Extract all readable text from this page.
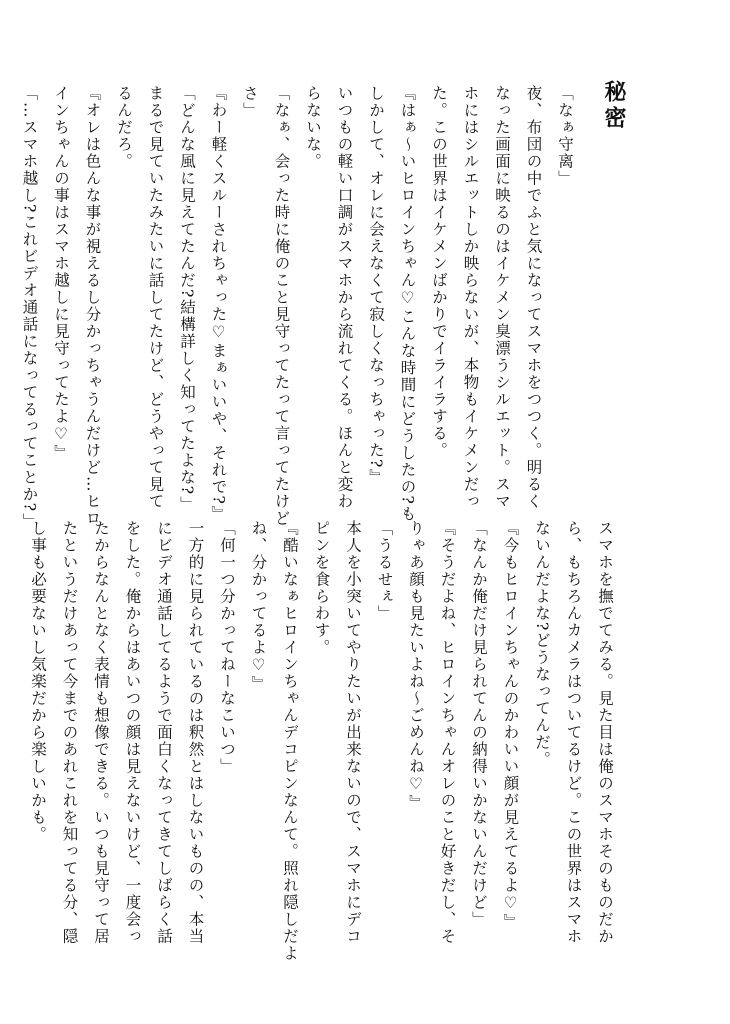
秘密
「なぁ守离」
夜、布団の中でふと気になってスマホをつつく。明るく
なった画面に映るのはイケメン臭漂うシルエット。スマ
ホにはシルエットしか映らないが、本物もイケメンだっ
た。この世界はイケメンばかりでイライラする。
『はぁ〜いヒロインちゃん♡こんな時間にどうしたの?も
しかして、オレに会えなくて寂しくなっちゃった?』
いつもの軽い口調がスマホから流れてくる。ほんと変わ
らないな。
「なぁ、会った時に俺のこと見守ってたって言ってたけど
さ」
『わー軽くスルーされちゃった♡まぁいいや、それで?』
「どんな風に見えてたんだ?結構詳しく知ってたよな?」
まるで見ていたみたいに話してたけど、どうやって見て
るんだろ。
『オレは色んな事が視えるし分かっちゃうんだけど…ヒロ
インちゃんの事はスマホ越しに見守ってたよ♡』
「…スマホ越し?これビデオ通話になってるってことか?」
スマホを撫でてみる。見た目は俺のスマホそのものだか
ら、もちろんカメラはついてるけど。この世界はスマホ
ないんだよな?どうなってんだ。
『今もヒロインちゃんのかわいい顔が見えてるよ♡』
「なんか俺だけ見られてんの納得いかないんだけど」
『そうだよね、ヒロインちゃんオレのこと好きだし、そ
りゃあ顔も見たいよね〜ごめんね♡』
「うるせぇ」
本人を小突いてやりたいが出来ないので、スマホにデコ
ピンを食らわす。
『酷いなぁヒロインちゃんデコピンなんて。照れ隠しだよ
ね、分かってるよ♡』
「何一つ分かってねーなこいつ」
一方的に見られているのは釈然とはしないものの、本当
にビデオ通話してるようで面白くなってきてしばらく話
をした。俺からはあいつの顔は見えないけど、一度会っ
たからなんとなく表情も想像できる。いつも見守って居
たというだけあって今までのあれこれを知ってる分、隠
し事も必要ないし気楽だから楽しいかも。
